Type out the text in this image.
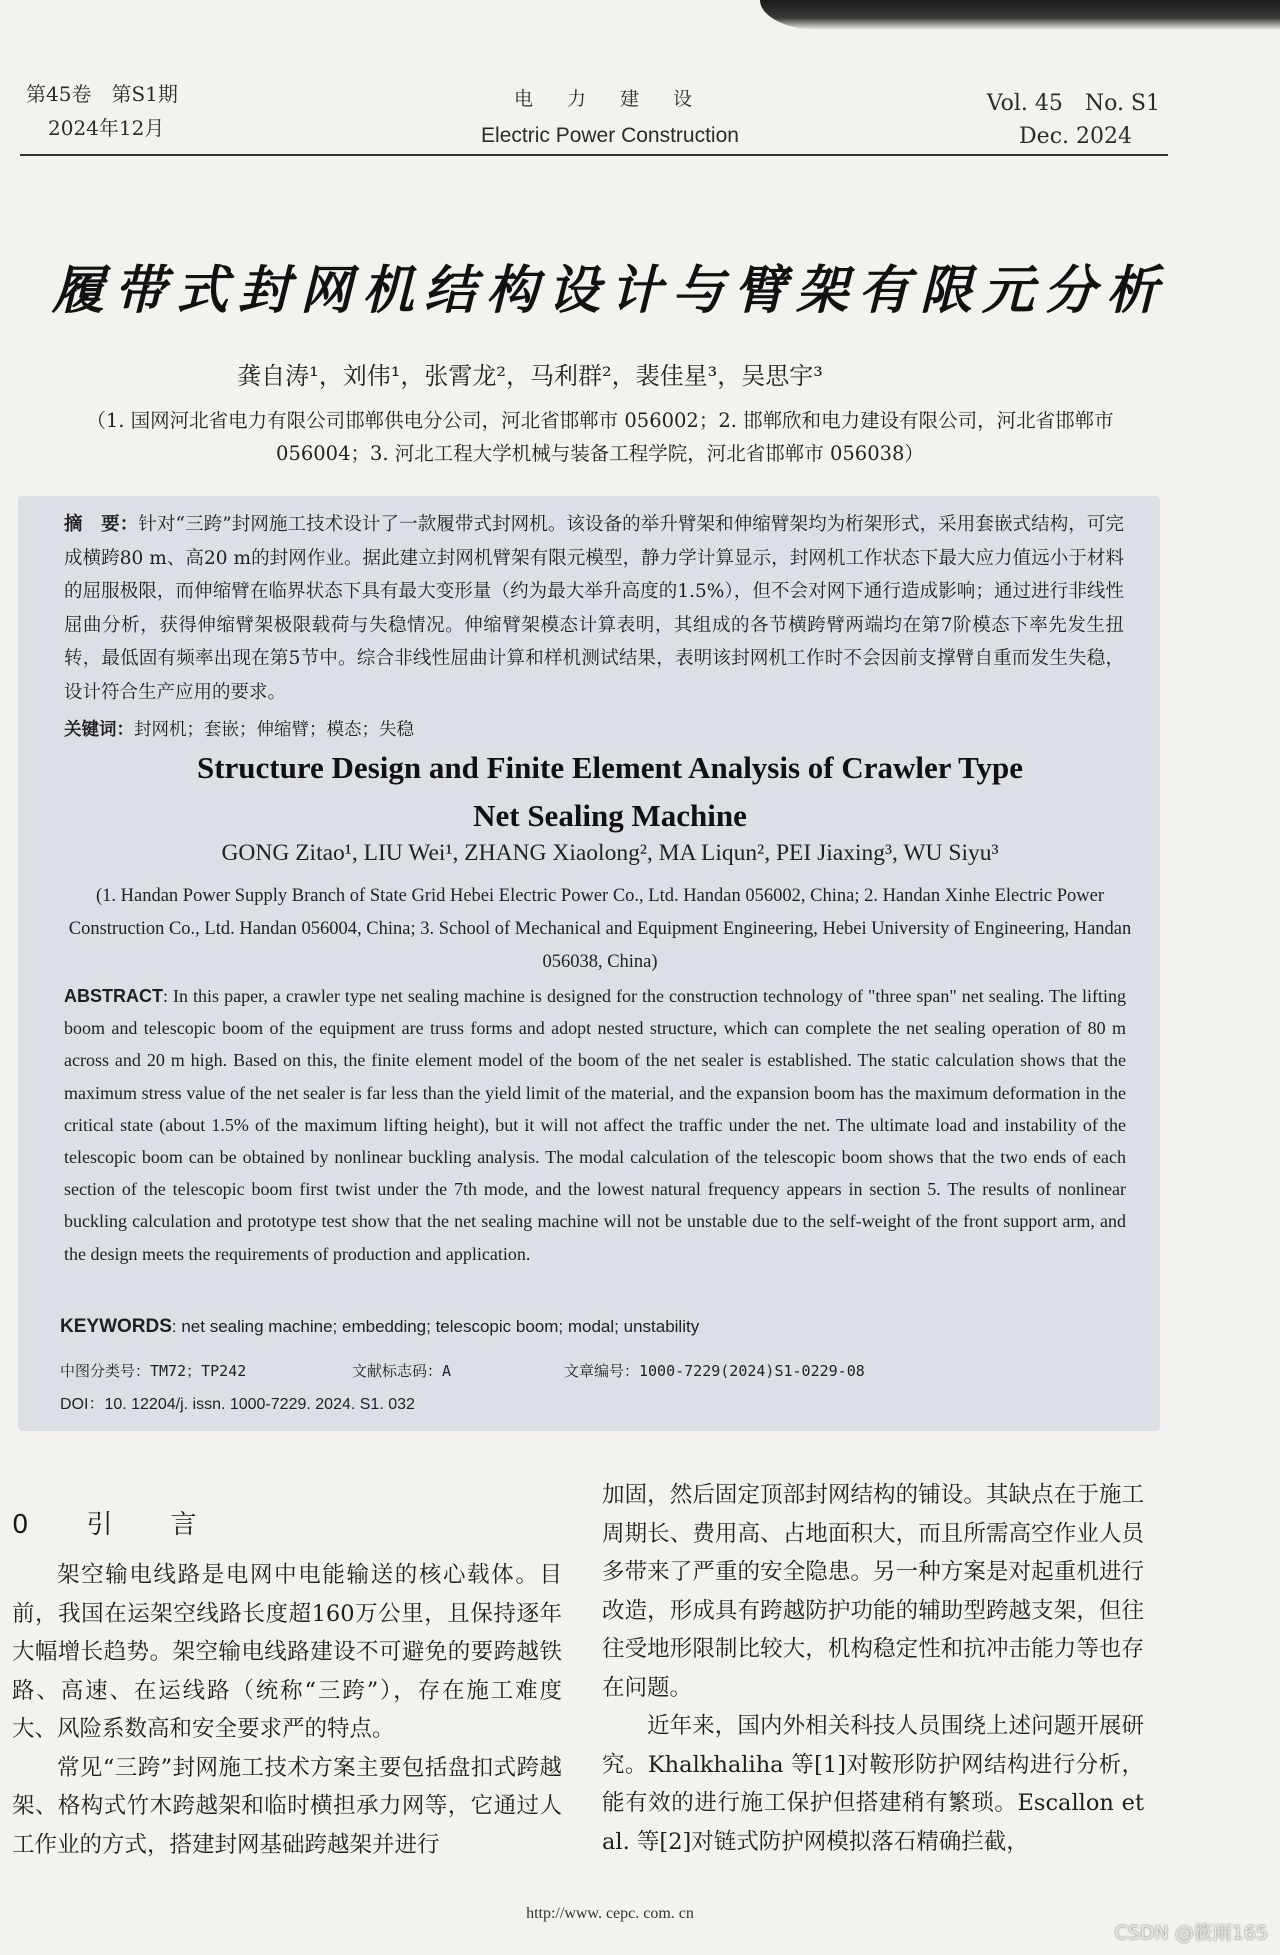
第45卷　第S1期
2024年12月
电 力 建 设
Electric Power Construction
Vol. 45　No. S1
Dec. 2024
履带式封网机结构设计与臂架有限元分析
龚自涛¹，刘伟¹，张霄龙²，马利群²，裴佳星³，吴思宇³
（1. 国网河北省电力有限公司邯郸供电分公司，河北省邯郸市 056002；2. 邯郸欣和电力建设有限公司，河北省邯郸市 056004；3. 河北工程大学机械与装备工程学院，河北省邯郸市 056038）
摘　要：针对“三跨”封网施工技术设计了一款履带式封网机。该设备的举升臂架和伸缩臂架均为桁架形式，采用套嵌式结构，可完成横跨80 m、高20 m的封网作业。据此建立封网机臂架有限元模型，静力学计算显示，封网机工作状态下最大应力值远小于材料的屈服极限，而伸缩臂在临界状态下具有最大变形量（约为最大举升高度的1.5%），但不会对网下通行造成影响；通过进行非线性屈曲分析，获得伸缩臂架极限载荷与失稳情况。伸缩臂架模态计算表明，其组成的各节横跨臂两端均在第7阶模态下率先发生扭转，最低固有频率出现在第5节中。综合非线性屈曲计算和样机测试结果，表明该封网机工作时不会因前支撑臂自重而发生失稳，设计符合生产应用的要求。
关键词：封网机；套嵌；伸缩臂；模态；失稳
Structure Design and Finite Element Analysis of Crawler Type
Net Sealing Machine
GONG Zitao¹, LIU Wei¹, ZHANG Xiaolong², MA Liqun², PEI Jiaxing³, WU Siyu³
(1. Handan Power Supply Branch of State Grid Hebei Electric Power Co., Ltd. Handan 056002, China; 2. Handan Xinhe Electric Power Construction Co., Ltd. Handan 056004, China; 3. School of Mechanical and Equipment Engineering, Hebei University of Engineering, Handan 056038, China)
ABSTRACT: In this paper, a crawler type net sealing machine is designed for the construction technology of "three span" net sealing. The lifting boom and telescopic boom of the equipment are truss forms and adopt nested structure, which can complete the net sealing operation of 80 m across and 20 m high. Based on this, the finite element model of the boom of the net sealer is established. The static calculation shows that the maximum stress value of the net sealer is far less than the yield limit of the material, and the expansion boom has the maximum deformation in the critical state (about 1.5% of the maximum lifting height), but it will not affect the traffic under the net. The ultimate load and instability of the telescopic boom can be obtained by nonlinear buckling analysis. The modal calculation of the telescopic boom shows that the two ends of each section of the telescopic boom first twist under the 7th mode, and the lowest natural frequency appears in section 5. The results of nonlinear buckling calculation and prototype test show that the net sealing machine will not be unstable due to the self-weight of the front support arm, and the design meets the requirements of production and application.
KEYWORDS: net sealing machine; embedding; telescopic boom; modal; unstability
中图分类号：TM72；TP242	文献标志码：A	文章编号：1000-7229(2024)S1-0229-08
DOI：10. 12204/j. issn. 1000-7229. 2024. S1. 032
0　引　言

架空输电线路是电网中电能输送的核心载体。目前，我国在运架空线路长度超160万公里，且保持逐年大幅增长趋势。架空输电线路建设不可避免的要跨越铁路、高速、在运线路（统称“三跨”），存在施工难度大、风险系数高和安全要求严的特点。

常见“三跨”封网施工技术方案主要包括盘扣式跨越架、格构式竹木跨越架和临时横担承力网等，它通过人工作业的方式，搭建封网基础跨越架并进行

加固，然后固定顶部封网结构的铺设。其缺点在于施工周期长、费用高、占地面积大，而且所需高空作业人员多带来了严重的安全隐患。另一种方案是对起重机进行改造，形成具有跨越防护功能的辅助型跨越支架，但往往受地形限制比较大，机构稳定性和抗冲击能力等也存在问题。

近年来，国内外相关科技人员围绕上述问题开展研究。Khalkhaliha 等[1]对鞍形防护网结构进行分析，能有效的进行施工保护但搭建稍有繁琐。Escallon et al. 等[2]对链式防护网模拟落石精确拦截，

http://www. cepc. com. cn
CSDN @筱雨165
